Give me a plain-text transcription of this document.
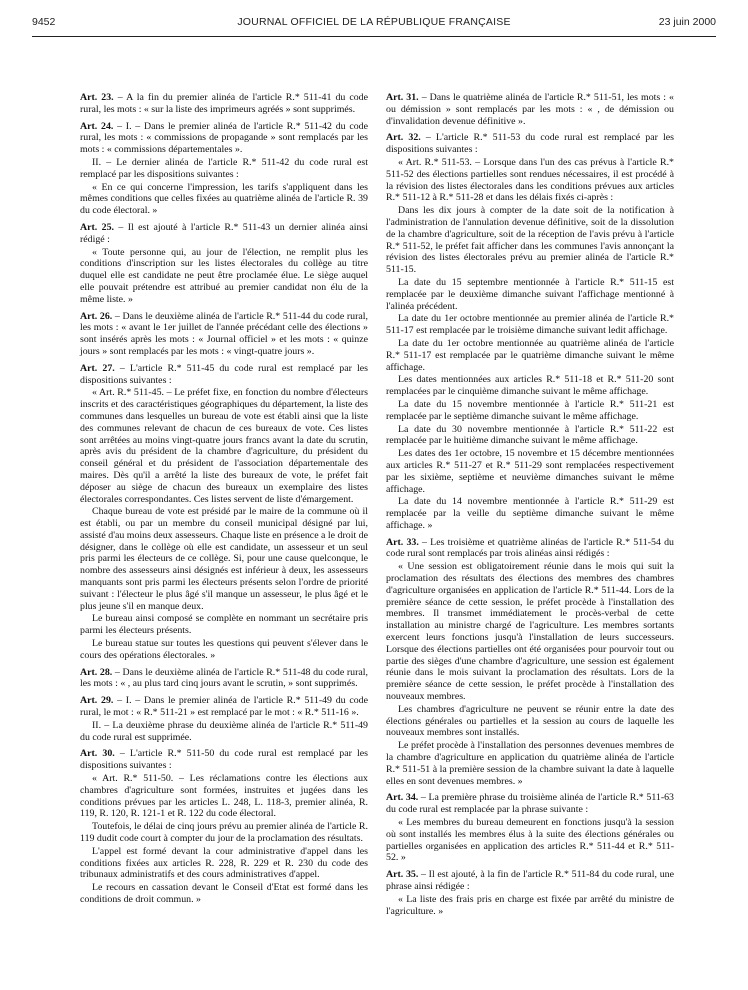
9452	JOURNAL OFFICIEL DE LA RÉPUBLIQUE FRANÇAISE	23 juin 2000

Art. 23. – A la fin du premier alinéa de l'article R.* 511-41 du code rural, les mots : « sur la liste des imprimeurs agréés » sont supprimés.

Art. 24. – I. – Dans le premier alinéa de l'article R.* 511-42 du code rural, les mots : « commissions de propagande » sont remplacés par les mots : « commissions départementales ».

II. – Le dernier alinéa de l'article R.* 511-42 du code rural est remplacé par les dispositions suivantes :

« En ce qui concerne l'impression, les tarifs s'appliquent dans les mêmes conditions que celles fixées au quatrième alinéa de l'article R. 39 du code électoral. »

Art. 25. – Il est ajouté à l'article R.* 511-43 un dernier alinéa ainsi rédigé :

« Toute personne qui, au jour de l'élection, ne remplit plus les conditions d'inscription sur les listes électorales du collège au titre duquel elle est candidate ne peut être proclamée élue. Le siège auquel elle pouvait prétendre est attribué au premier candidat non élu de la même liste. »

Art. 26. – Dans le deuxième alinéa de l'article R.* 511-44 du code rural, les mots : « avant le 1er juillet de l'année précédant celle des élections » sont insérés après les mots : « Journal officiel » et les mots : « quinze jours » sont remplacés par les mots : « vingt-quatre jours ».

Art. 27. – L'article R.* 511-45 du code rural est remplacé par les dispositions suivantes :

« Art. R.* 511-45. – Le préfet fixe, en fonction du nombre d'électeurs inscrits et des caractéristiques géographiques du département, la liste des communes dans lesquelles un bureau de vote est établi ainsi que la liste des communes relevant de chacun de ces bureaux de vote. Ces listes sont arrêtées au moins vingt-quatre jours francs avant la date du scrutin, après avis du président de la chambre d'agriculture, du président du conseil général et du président de l'association départementale des maires. Dès qu'il a arrêté la liste des bureaux de vote, le préfet fait déposer au siège de chacun des bureaux un exemplaire des listes électorales correspondantes. Ces listes servent de liste d'émargement.

Chaque bureau de vote est présidé par le maire de la commune où il est établi, ou par un membre du conseil municipal désigné par lui, assisté d'au moins deux assesseurs. Chaque liste en présence a le droit de désigner, dans le collège où elle est candidate, un assesseur et un seul pris parmi les électeurs de ce collège. Si, pour une cause quelconque, le nombre des assesseurs ainsi désignés est inférieur à deux, les assesseurs manquants sont pris parmi les électeurs présents selon l'ordre de priorité suivant : l'électeur le plus âgé s'il manque un assesseur, le plus âgé et le plus jeune s'il en manque deux.

Le bureau ainsi composé se complète en nommant un secrétaire pris parmi les électeurs présents.

Le bureau statue sur toutes les questions qui peuvent s'élever dans le cours des opérations électorales. »

Art. 28. – Dans le deuxième alinéa de l'article R.* 511-48 du code rural, les mots : « , au plus tard cinq jours avant le scrutin, » sont supprimés.

Art. 29. – I. – Dans le premier alinéa de l'article R.* 511-49 du code rural, le mot : « R.* 511-21 » est remplacé par le mot : « R.* 511-16 ».

II. – La deuxième phrase du deuxième alinéa de l'article R.* 511-49 du code rural est supprimée.

Art. 30. – L'article R.* 511-50 du code rural est remplacé par les dispositions suivantes :

« Art. R.* 511-50. – Les réclamations contre les élections aux chambres d'agriculture sont formées, instruites et jugées dans les conditions prévues par les articles L. 248, L. 118-3, premier alinéa, R. 119, R. 120, R. 121-1 et R. 122 du code électoral.

Toutefois, le délai de cinq jours prévu au premier alinéa de l'article R. 119 dudit code court à compter du jour de la proclamation des résultats.

L'appel est formé devant la cour administrative d'appel dans les conditions fixées aux articles R. 228, R. 229 et R. 230 du code des tribunaux administratifs et des cours administratives d'appel.

Le recours en cassation devant le Conseil d'Etat est formé dans les conditions de droit commun. »

Art. 31. – Dans le quatrième alinéa de l'article R.* 511-51, les mots : « ou démission » sont remplacés par les mots : « , de démission ou d'invalidation devenue définitive ».

Art. 32. – L'article R.* 511-53 du code rural est remplacé par les dispositions suivantes :

« Art. R.* 511-53. – Lorsque dans l'un des cas prévus à l'article R.* 511-52 des élections partielles sont rendues nécessaires, il est procédé à la révision des listes électorales dans les conditions prévues aux articles R.* 511-12 à R.* 511-28 et dans les délais fixés ci-après :

Dans les dix jours à compter de la date soit de la notification à l'administration de l'annulation devenue définitive, soit de la dissolution de la chambre d'agriculture, soit de la réception de l'avis prévu à l'article R.* 511-52, le préfet fait afficher dans les communes l'avis annonçant la révision des listes électorales prévu au premier alinéa de l'article R.* 511-15.

La date du 15 septembre mentionnée à l'article R.* 511-15 est remplacée par le deuxième dimanche suivant l'affichage mentionné à l'alinéa précédent.

La date du 1er octobre mentionnée au premier alinéa de l'article R.* 511-17 est remplacée par le troisième dimanche suivant ledit affichage.

La date du 1er octobre mentionnée au quatrième alinéa de l'article R.* 511-17 est remplacée par le quatrième dimanche suivant le même affichage.

Les dates mentionnées aux articles R.* 511-18 et R.* 511-20 sont remplacées par le cinquième dimanche suivant le même affichage.

La date du 15 novembre mentionnée à l'article R.* 511-21 est remplacée par le septième dimanche suivant le même affichage.

La date du 30 novembre mentionnée à l'article R.* 511-22 est remplacée par le huitième dimanche suivant le même affichage.

Les dates des 1er octobre, 15 novembre et 15 décembre mentionnées aux articles R.* 511-27 et R.* 511-29 sont remplacées respectivement par les sixième, septième et neuvième dimanches suivant le même affichage.

La date du 14 novembre mentionnée à l'article R.* 511-29 est remplacée par la veille du septième dimanche suivant le même affichage. »

Art. 33. – Les troisième et quatrième alinéas de l'article R.* 511-54 du code rural sont remplacés par trois alinéas ainsi rédigés :

« Une session est obligatoirement réunie dans le mois qui suit la proclamation des résultats des élections des membres des chambres d'agriculture organisées en application de l'article R.* 511-44. Lors de la première séance de cette session, le préfet procède à l'installation des membres. Il transmet immédiatement le procès-verbal de cette installation au ministre chargé de l'agriculture. Les membres sortants exercent leurs fonctions jusqu'à l'installation de leurs successeurs. Lorsque des élections partielles ont été organisées pour pourvoir tout ou partie des sièges d'une chambre d'agriculture, une session est également réunie dans le mois suivant la proclamation des résultats. Lors de la première séance de cette session, le préfet procède à l'installation des nouveaux membres.

Les chambres d'agriculture ne peuvent se réunir entre la date des élections générales ou partielles et la session au cours de laquelle les nouveaux membres sont installés.

Le préfet procède à l'installation des personnes devenues membres de la chambre d'agriculture en application du quatrième alinéa de l'article R.* 511-51 à la première session de la chambre suivant la date à laquelle elles en sont devenues membres. »

Art. 34. – La première phrase du troisième alinéa de l'article R.* 511-63 du code rural est remplacée par la phrase suivante :

« Les membres du bureau demeurent en fonctions jusqu'à la session où sont installés les membres élus à la suite des élections générales ou partielles organisées en application des articles R.* 511-44 et R.* 511-52. »

Art. 35. – Il est ajouté, à la fin de l'article R.* 511-84 du code rural, une phrase ainsi rédigée :

« La liste des frais pris en charge est fixée par arrêté du ministre de l'agriculture. »
